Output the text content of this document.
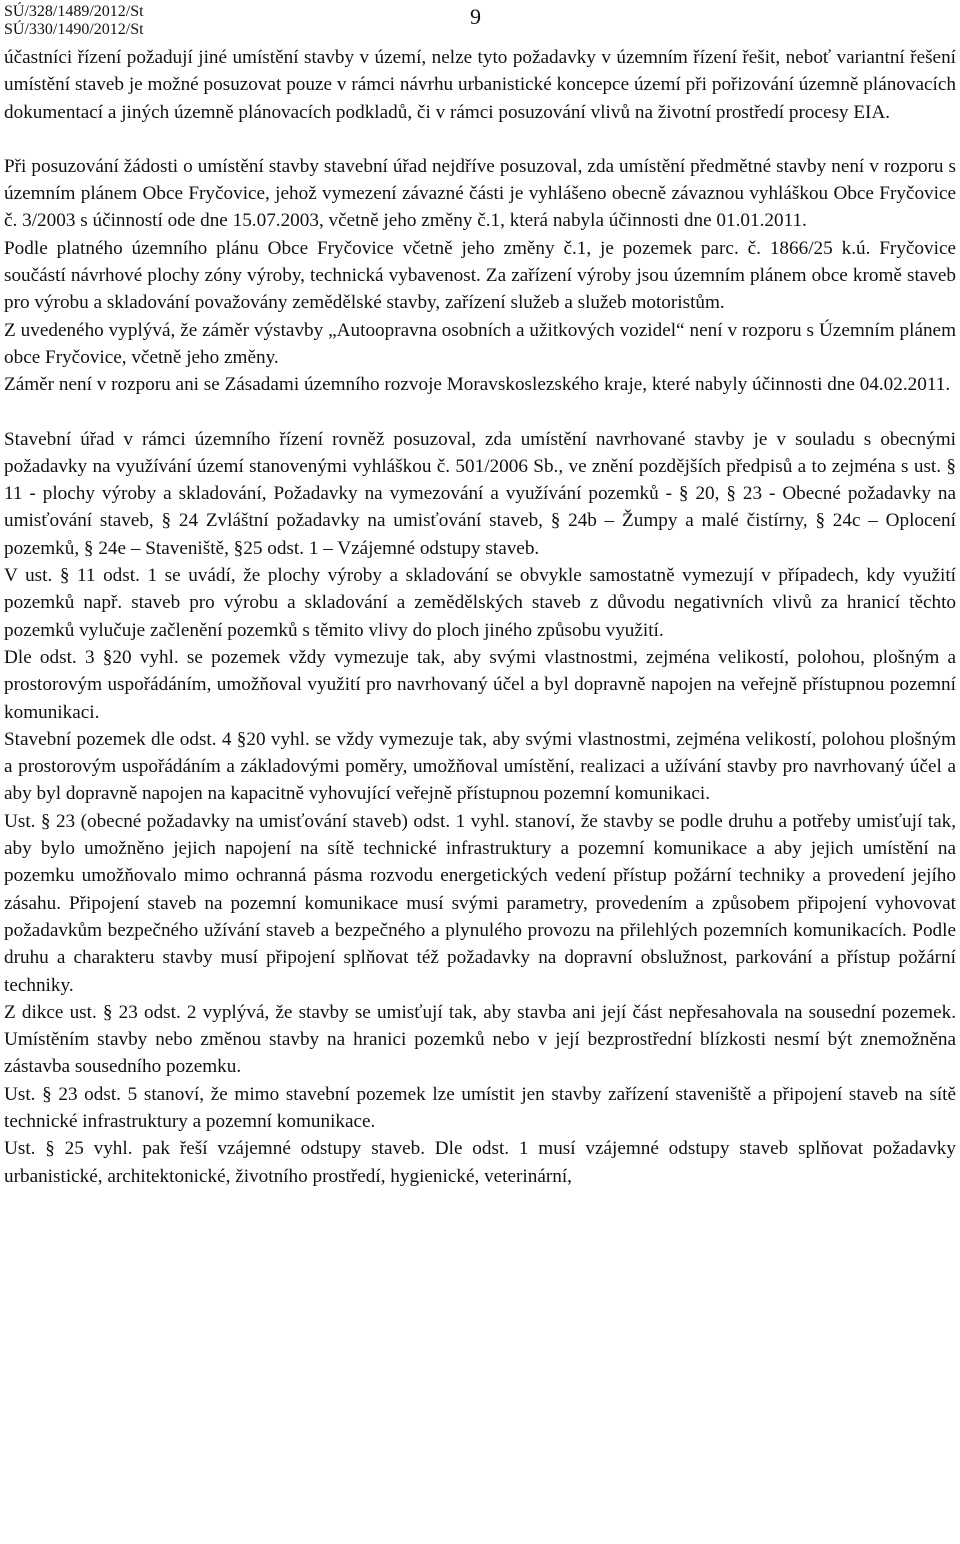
SÚ/328/1489/2012/St
SÚ/330/1490/2012/St
9

účastníci řízení požadují jiné umístění stavby v území, nelze tyto požadavky v územním řízení řešit, neboť variantní řešení umístění staveb je možné posuzovat pouze v rámci návrhu urbanistické koncepce území při pořizování územně plánovacích dokumentací a jiných územně plánovacích podkladů, či v rámci posuzování vlivů na životní prostředí procesy EIA.

Při posuzování žádosti o umístění stavby stavební úřad nejdříve posuzoval, zda umístění předmětné stavby není v rozporu s územním plánem Obce Fryčovice, jehož vymezení závazné části je vyhlášeno obecně závaznou vyhláškou Obce Fryčovice č. 3/2003 s účinností ode dne 15.07.2003, včetně jeho změny č.1, která nabyla účinnosti dne 01.01.2011.

Podle platného územního plánu Obce Fryčovice včetně jeho změny č.1, je pozemek parc. č. 1866/25 k.ú. Fryčovice součástí návrhové plochy zóny výroby, technická vybavenost. Za zařízení výroby jsou územním plánem obce kromě staveb pro výrobu a skladování považovány zemědělské stavby, zařízení služeb a služeb motoristům.

Z uvedeného vyplývá, že záměr výstavby „Autoopravna osobních a užitkových vozidel“ není v rozporu s Územním plánem obce Fryčovice, včetně jeho změny.

Záměr není v rozporu ani se Zásadami územního rozvoje Moravskoslezského kraje, které nabyly účinnosti dne 04.02.2011.

Stavební úřad v rámci územního řízení rovněž posuzoval, zda umístění navrhované stavby je v souladu s obecnými požadavky na využívání území stanovenými vyhláškou č. 501/2006 Sb., ve znění pozdějších předpisů a to zejména s ust. § 11 - plochy výroby a skladování, Požadavky na vymezování a využívání pozemků - § 20, § 23 - Obecné požadavky na umisťování staveb, § 24 Zvláštní požadavky na umisťování staveb, § 24b – Žumpy a malé čistírny, § 24c – Oplocení pozemků, § 24e – Staveniště, §25 odst. 1 – Vzájemné odstupy staveb.

V ust. § 11 odst. 1 se uvádí, že plochy výroby a skladování se obvykle samostatně vymezují v případech, kdy využití pozemků např. staveb pro výrobu a skladování a zemědělských staveb z důvodu negativních vlivů za hranicí těchto pozemků vylučuje začlenění pozemků s těmito vlivy do ploch jiného způsobu využití.

Dle odst. 3 §20 vyhl. se pozemek vždy vymezuje tak, aby svými vlastnostmi, zejména velikostí, polohou, plošným a prostorovým uspořádáním, umožňoval využití pro navrhovaný účel a byl dopravně napojen na veřejně přístupnou pozemní komunikaci.

Stavební pozemek dle odst. 4 §20 vyhl. se vždy vymezuje tak, aby svými vlastnostmi, zejména velikostí, polohou plošným a prostorovým uspořádáním a základovými poměry, umožňoval umístění, realizaci a užívání stavby pro navrhovaný účel a aby byl dopravně napojen na kapacitně vyhovující veřejně přístupnou pozemní komunikaci.

Ust. § 23 (obecné požadavky na umisťování staveb) odst. 1 vyhl. stanoví, že stavby se podle druhu a potřeby umisťují tak, aby bylo umožněno jejich napojení na sítě technické infrastruktury a pozemní komunikace a aby jejich umístění na pozemku umožňovalo mimo ochranná pásma rozvodu energetických vedení přístup požární techniky a provedení jejího zásahu. Připojení staveb na pozemní komunikace musí svými parametry, provedením a způsobem připojení vyhovovat požadavkům bezpečného užívání staveb a bezpečného a plynulého provozu na přilehlých pozemních komunikacích. Podle druhu a charakteru stavby musí připojení splňovat též požadavky na dopravní obslužnost, parkování a přístup požární techniky.

Z dikce ust. § 23 odst. 2 vyplývá, že stavby se umisťují tak, aby stavba ani její část nepřesahovala na sousední pozemek. Umístěním stavby nebo změnou stavby na hranici pozemků nebo v její bezprostřední blízkosti nesmí být znemožněna zástavba sousedního pozemku.

Ust. § 23 odst. 5 stanoví, že mimo stavební pozemek lze umístit jen stavby zařízení staveniště a připojení staveb na sítě technické infrastruktury a pozemní komunikace.

Ust. § 25 vyhl. pak řeší vzájemné odstupy staveb. Dle odst. 1 musí vzájemné odstupy staveb splňovat požadavky urbanistické, architektonické, životního prostředí, hygienické, veterinární,
